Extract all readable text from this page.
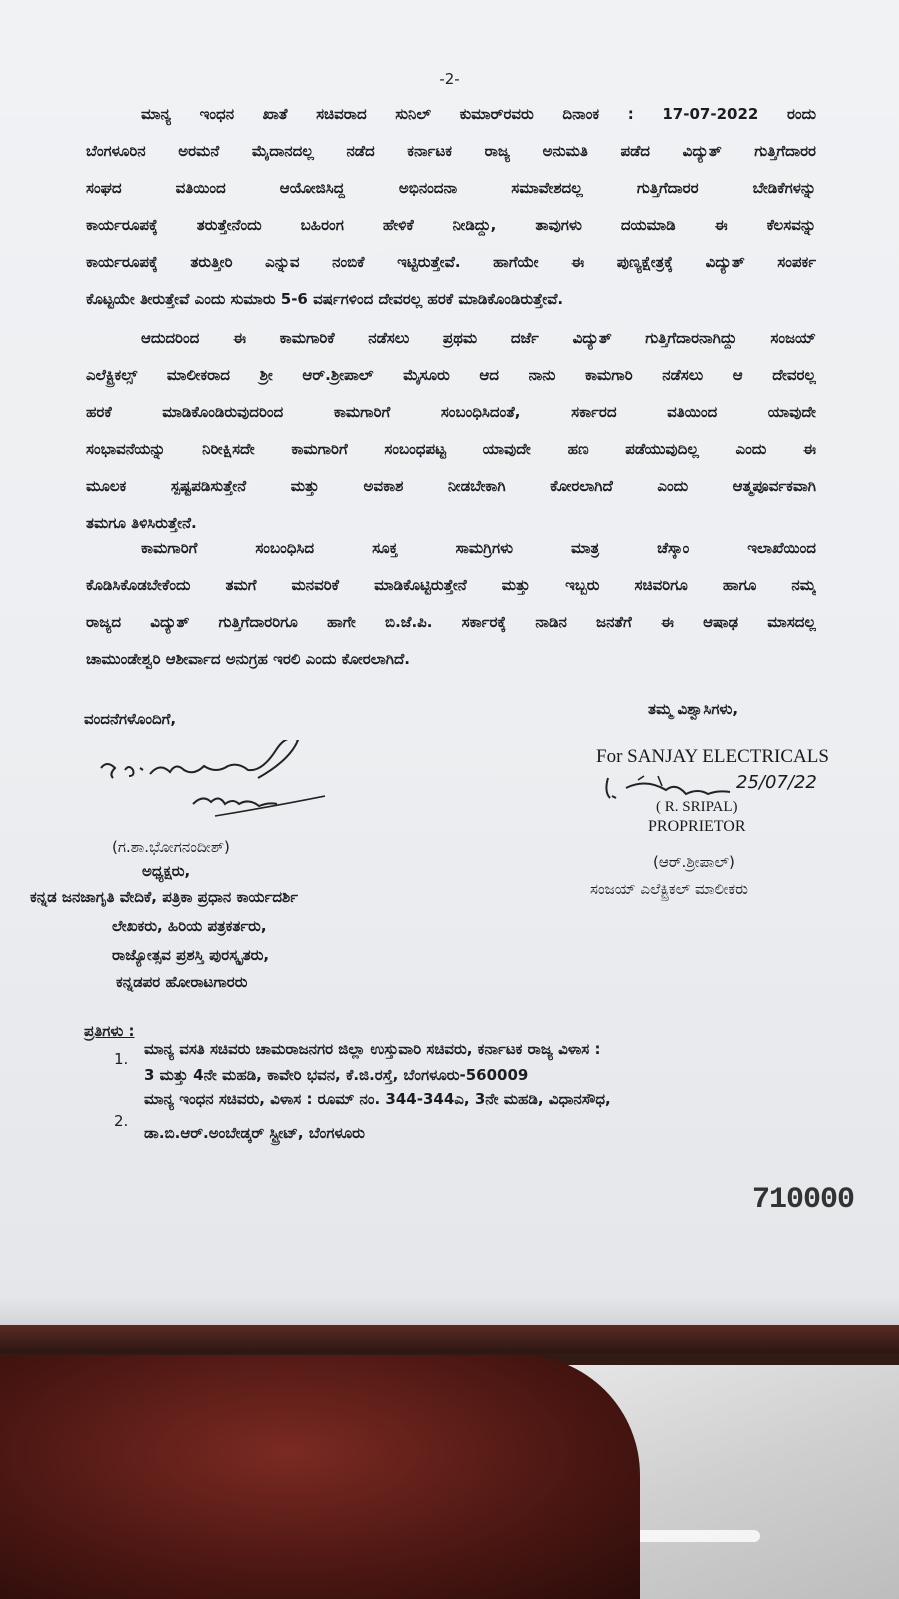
-2-
ಮಾನ್ಯ ಇಂಧನ ಖಾತೆ ಸಚಿವರಾದ ಸುನಿಲ್ ಕುಮಾರ್‌ರವರು ದಿನಾಂಕ : 17-07-2022 ರಂದು
ಬೆಂಗಳೂರಿನ ಅರಮನೆ ಮೈದಾನದಲ್ಲ ನಡೆದ ಕರ್ನಾಟಕ ರಾಜ್ಯ ಅನುಮತಿ ಪಡೆದ ವಿದ್ಯುತ್ ಗುತ್ತಿಗೆದಾರರ
ಸಂಘದ ವತಿಯಿಂದ ಆಯೋಜಿಸಿದ್ದ ಅಭಿನಂದನಾ ಸಮಾವೇಶದಲ್ಲ ಗುತ್ತಿಗೆದಾರರ ಬೇಡಿಕೆಗಳನ್ನು
ಕಾರ್ಯರೂಪಕ್ಕೆ ತರುತ್ತೇನೆಂದು ಬಹಿರಂಗ ಹೇಳಿಕೆ ನೀಡಿದ್ದು, ತಾವುಗಳು ದಯಮಾಡಿ ಈ ಕೆಲಸವನ್ನು
ಕಾರ್ಯರೂಪಕ್ಕೆ ತರುತ್ತೀರಿ ಎನ್ನುವ ನಂಬಿಕೆ ಇಟ್ಟಿರುತ್ತೇವೆ. ಹಾಗೆಯೇ ಈ ಪುಣ್ಯಕ್ಷೇತ್ರಕ್ಕೆ ವಿದ್ಯುತ್ ಸಂಪರ್ಕ
ಕೊಟ್ಟಯೇ ತೀರುತ್ತೇವೆ ಎಂದು ಸುಮಾರು 5-6 ವರ್ಷಗಳಿಂದ ದೇವರಲ್ಲ ಹರಕೆ ಮಾಡಿಕೊಂಡಿರುತ್ತೇವೆ.
ಆದುದರಿಂದ ಈ ಕಾಮಗಾರಿಕೆ ನಡೆಸಲು ಪ್ರಥಮ ದರ್ಜೆ ವಿದ್ಯುತ್ ಗುತ್ತಿಗೆದಾರನಾಗಿದ್ದು ಸಂಜಯ್
ಎಲೆಕ್ಟ್ರಿಕಲ್ಸ್ ಮಾಲೀಕರಾದ ಶ್ರೀ ಆರ್.ಶ್ರೀಪಾಲ್ ಮೈಸೂರು ಆದ ನಾನು ಕಾಮಗಾರಿ ನಡೆಸಲು ಆ ದೇವರಲ್ಲ
ಹರಕೆ ಮಾಡಿಕೊಂಡಿರುವುದರಿಂದ ಕಾಮಗಾರಿಗೆ ಸಂಬಂಧಿಸಿದಂತೆ, ಸರ್ಕಾರದ ವತಿಯಿಂದ ಯಾವುದೇ
ಸಂಭಾವನೆಯನ್ನು ನಿರೀಕ್ಷಿಸದೇ ಕಾಮಗಾರಿಗೆ ಸಂಬಂಧಪಟ್ಟ ಯಾವುದೇ ಹಣ ಪಡೆಯುವುದಿಲ್ಲ ಎಂದು ಈ
ಮೂಲಕ ಸ್ಪಷ್ಟಪಡಿಸುತ್ತೇನೆ ಮತ್ತು ಅವಕಾಶ ನೀಡಬೇಕಾಗಿ ಕೋರಲಾಗಿದೆ ಎಂದು ಆತ್ಮಪೂರ್ವಕವಾಗಿ
ತಮಗೂ ತಿಳಿಸಿರುತ್ತೇನೆ.
ಕಾಮಗಾರಿಗೆ ಸಂಬಂಧಿಸಿದ ಸೂಕ್ತ ಸಾಮಗ್ರಿಗಳು ಮಾತ್ರ ಚೆಸ್ಕಾಂ ಇಲಾಖೆಯಿಂದ
ಕೊಡಿಸಿಕೊಡಬೇಕೆಂದು ತಮಗೆ ಮನವರಿಕೆ ಮಾಡಿಕೊಟ್ಟಿರುತ್ತೇನೆ ಮತ್ತು ಇಬ್ಬರು ಸಚಿವರಿಗೂ ಹಾಗೂ ನಮ್ಮ
ರಾಜ್ಯದ ವಿದ್ಯುತ್ ಗುತ್ತಿಗೆದಾರರಿಗೂ ಹಾಗೇ ಬಿ.ಜೆ.ಪಿ. ಸರ್ಕಾರಕ್ಕೆ ನಾಡಿನ ಜನತೆಗೆ ಈ ಆಷಾಢ ಮಾಸದಲ್ಲ
ಚಾಮುಂಡೇಶ್ವರಿ ಆಶೀರ್ವಾದ ಅನುಗ್ರಹ ಇರಲಿ ಎಂದು ಕೋರಲಾಗಿದೆ.
ವಂದನೆಗಳೊಂದಿಗೆ,
ತಮ್ಮ ವಿಶ್ವಾಸಿಗಳು,
For SANJAY ELECTRICALS
25/07/22
( R. SRIPAL)
PROPRIETOR
(ಗ.ಶಾ.ಭೋಗನಂದೀಶ್)
ಅಧ್ಯಕ್ಷರು,
ಕನ್ನಡ ಜನಜಾಗೃತಿ ವೇದಿಕೆ, ಪತ್ರಿಕಾ ಪ್ರಧಾನ ಕಾರ್ಯದರ್ಶಿ
ಲೇಖಕರು, ಹಿರಿಯ ಪತ್ರಕರ್ತರು,
ರಾಜ್ಯೋತ್ಸವ ಪ್ರಶಸ್ತಿ ಪುರಸ್ಕೃತರು,
ಕನ್ನಡಪರ ಹೋರಾಟಗಾರರು
(ಆರ್.ಶ್ರೀಪಾಲ್)
ಸಂಜಯ್ ಎಲೆಕ್ಟ್ರಿಕಲ್ ಮಾಲೀಕರು
ಪ್ರತಿಗಳು :
1.
ಮಾನ್ಯ ವಸತಿ ಸಚಿವರು ಚಾಮರಾಜನಗರ ಜಿಲ್ಲಾ ಉಸ್ತುವಾರಿ ಸಚಿವರು, ಕರ್ನಾಟಕ ರಾಜ್ಯ ವಿಳಾಸ :
3 ಮತ್ತು 4ನೇ ಮಹಡಿ, ಕಾವೇರಿ ಭವನ, ಕೆ.ಜಿ.ರಸ್ತೆ, ಬೆಂಗಳೂರು-560009
2.
ಮಾನ್ಯ ಇಂಧನ ಸಚಿವರು, ವಿಳಾಸ : ರೂಮ್ ನಂ. 344-344ಎ, 3ನೇ ಮಹಡಿ, ವಿಧಾನಸೌಧ,
ಡಾ.ಬಿ.ಆರ್.ಅಂಬೇಡ್ಕರ್ ಸ್ಟ್ರೀಟ್, ಬೆಂಗಳೂರು
710000
